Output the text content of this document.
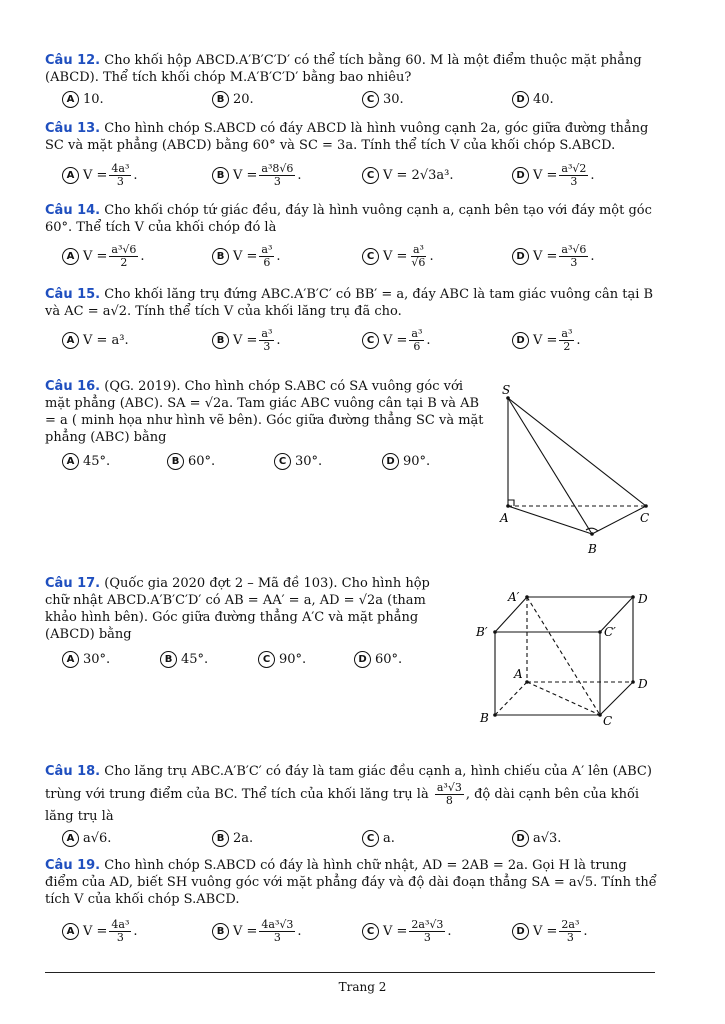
Câu 12. Cho khối hộp ABCD.A′B′C′D′ có thể tích bằng 60. M là một điểm thuộc mặt phẳng (ABCD). Thể tích khối chóp M.A′B′C′D′ bằng bao nhiêu?
A 10.	B 20.	C 30.	D 40.
Câu 13. Cho hình chóp S.ABCD có đáy ABCD là hình vuông cạnh 2a, góc giữa đường thẳng SC và mặt phẳng (ABCD) bằng 60° và SC = 3a. Tính thể tích V của khối chóp S.ABCD.
A $V = \frac{\text{4a³}}{3}$ .	B $V = \frac{\text{a³8√6}}{3}$ .	C V = 2√3a³.	D $V = \frac{\text{a³√2}}{3}$ .
Câu 14. Cho khối chóp tứ giác đều, đáy là hình vuông cạnh a, cạnh bên tạo với đáy một góc 60°. Thể tích V của khối chóp đó là
A $V = \frac{\text{a³√6}}{2}$ .	B $V = \frac{\text{a³}}{6}$ .	C $V = \frac{\text{a³}}{√6}$ .	D $V = \frac{\text{a³√6}}{3}$ .
Câu 15. Cho khối lăng trụ đứng ABC.A′B′C′ có BB′ = a, đáy ABC là tam giác vuông cân tại B và AC = a√2. Tính thể tích V của khối lăng trụ đã cho.
A V = a³.	B $V = \frac{\text{a³}}{3}$ .	C $V = \frac{\text{a³}}{6}$ .	D $V = \frac{\text{a³}}{2}$ .
Câu 16. (QG. 2019). Cho hình chóp S.ABC có SA vuông góc với mặt phẳng (ABC). SA = √2a. Tam giác ABC vuông cân tại B và AB = a ( minh họa như hình vẽ bên). Góc giữa đường thẳng SC và mặt phẳng (ABC) bằng
A 45°.	B 60°.	C 30°.	D 90°.
S
A
B
C
Câu 17. (Quốc gia 2020 đợt 2 – Mã đề 103). Cho hình hộp chữ nhật ABCD.A′B′C′D′ có AB = AA′ = a, AD = √2a (tham khảo hình bên). Góc giữa đường thẳng A′C và mặt phẳng (ABCD) bằng
A 30°.	B 45°.	C 90°.	D 60°.
A′	D
B′	C′
A
D
B	C
Câu 18. Cho lăng trụ ABC.A′B′C′ có đáy là tam giác đều cạnh a, hình chiếu của A′ lên (ABC) trùng với trung điểm của BC. Thể tích của khối lăng trụ là $\frac{\text{a³√3}}{8}$ , độ dài cạnh bên của khối lăng trụ là
A a√6.	B 2a.	C a.	D a√3.
Câu 19. Cho hình chóp S.ABCD có đáy là hình chữ nhật, AD = 2AB = 2a. Gọi H là trung điểm của AD, biết SH vuông góc với mặt phẳng đáy và độ dài đoạn thẳng SA = a√5. Tính thể tích V của khối chóp S.ABCD.
A $V = \frac{\text{4a³}}{3}$ .	B $V = \frac{\text{4a³√3}}{3}$ .	C $V = \frac{\text{2a³√3}}{3}$ .	D $V = \frac{\text{2a³}}{3}$ .
Trang 2
